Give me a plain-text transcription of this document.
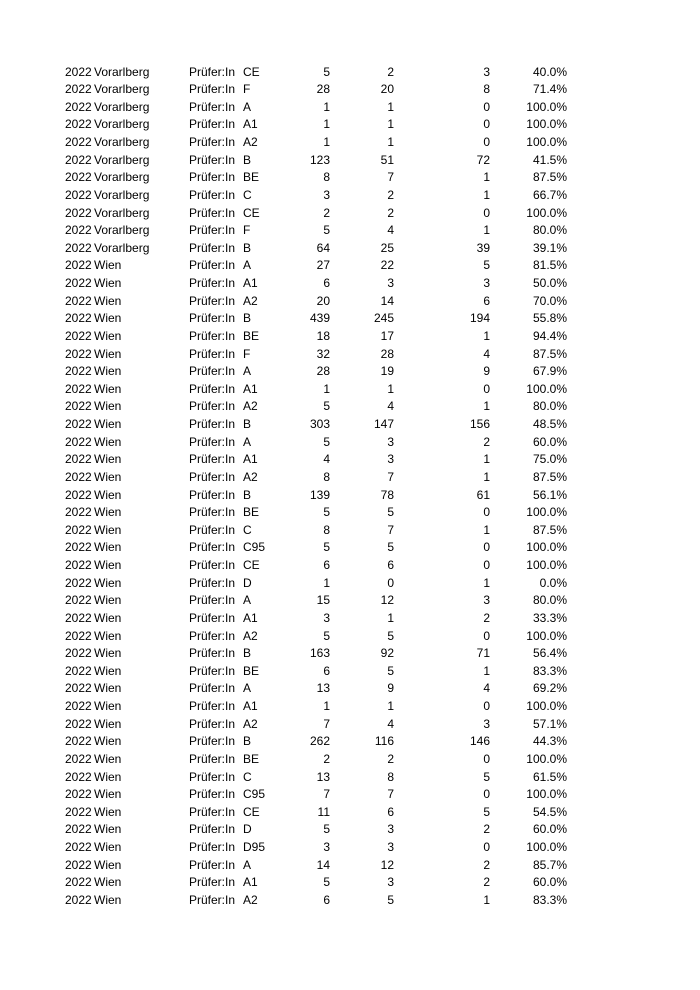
2022 Vorarlberg	Prüfer:In CE	5	2	3	40.0%
2022 Vorarlberg	Prüfer:In F	28	20	8	71.4%
2022 Vorarlberg	Prüfer:In A	1	1	0	100.0%
2022 Vorarlberg	Prüfer:In A1	1	1	0	100.0%
2022 Vorarlberg	Prüfer:In A2	1	1	0	100.0%
2022 Vorarlberg	Prüfer:In B	123	51	72	41.5%
2022 Vorarlberg	Prüfer:In BE	8	7	1	87.5%
2022 Vorarlberg	Prüfer:In C	3	2	1	66.7%
2022 Vorarlberg	Prüfer:In CE	2	2	0	100.0%
2022 Vorarlberg	Prüfer:In F	5	4	1	80.0%
2022 Vorarlberg	Prüfer:In B	64	25	39	39.1%
2022 Wien	Prüfer:In A	27	22	5	81.5%
2022 Wien	Prüfer:In A1	6	3	3	50.0%
2022 Wien	Prüfer:In A2	20	14	6	70.0%
2022 Wien	Prüfer:In B	439	245	194	55.8%
2022 Wien	Prüfer:In BE	18	17	1	94.4%
2022 Wien	Prüfer:In F	32	28	4	87.5%
2022 Wien	Prüfer:In A	28	19	9	67.9%
2022 Wien	Prüfer:In A1	1	1	0	100.0%
2022 Wien	Prüfer:In A2	5	4	1	80.0%
2022 Wien	Prüfer:In B	303	147	156	48.5%
2022 Wien	Prüfer:In A	5	3	2	60.0%
2022 Wien	Prüfer:In A1	4	3	1	75.0%
2022 Wien	Prüfer:In A2	8	7	1	87.5%
2022 Wien	Prüfer:In B	139	78	61	56.1%
2022 Wien	Prüfer:In BE	5	5	0	100.0%
2022 Wien	Prüfer:In C	8	7	1	87.5%
2022 Wien	Prüfer:In C95	5	5	0	100.0%
2022 Wien	Prüfer:In CE	6	6	0	100.0%
2022 Wien	Prüfer:In D	1	0	1	0.0%
2022 Wien	Prüfer:In A	15	12	3	80.0%
2022 Wien	Prüfer:In A1	3	1	2	33.3%
2022 Wien	Prüfer:In A2	5	5	0	100.0%
2022 Wien	Prüfer:In B	163	92	71	56.4%
2022 Wien	Prüfer:In BE	6	5	1	83.3%
2022 Wien	Prüfer:In A	13	9	4	69.2%
2022 Wien	Prüfer:In A1	1	1	0	100.0%
2022 Wien	Prüfer:In A2	7	4	3	57.1%
2022 Wien	Prüfer:In B	262	116	146	44.3%
2022 Wien	Prüfer:In BE	2	2	0	100.0%
2022 Wien	Prüfer:In C	13	8	5	61.5%
2022 Wien	Prüfer:In C95	7	7	0	100.0%
2022 Wien	Prüfer:In CE	11	6	5	54.5%
2022 Wien	Prüfer:In D	5	3	2	60.0%
2022 Wien	Prüfer:In D95	3	3	0	100.0%
2022 Wien	Prüfer:In A	14	12	2	85.7%
2022 Wien	Prüfer:In A1	5	3	2	60.0%
2022 Wien	Prüfer:In A2	6	5	1	83.3%
